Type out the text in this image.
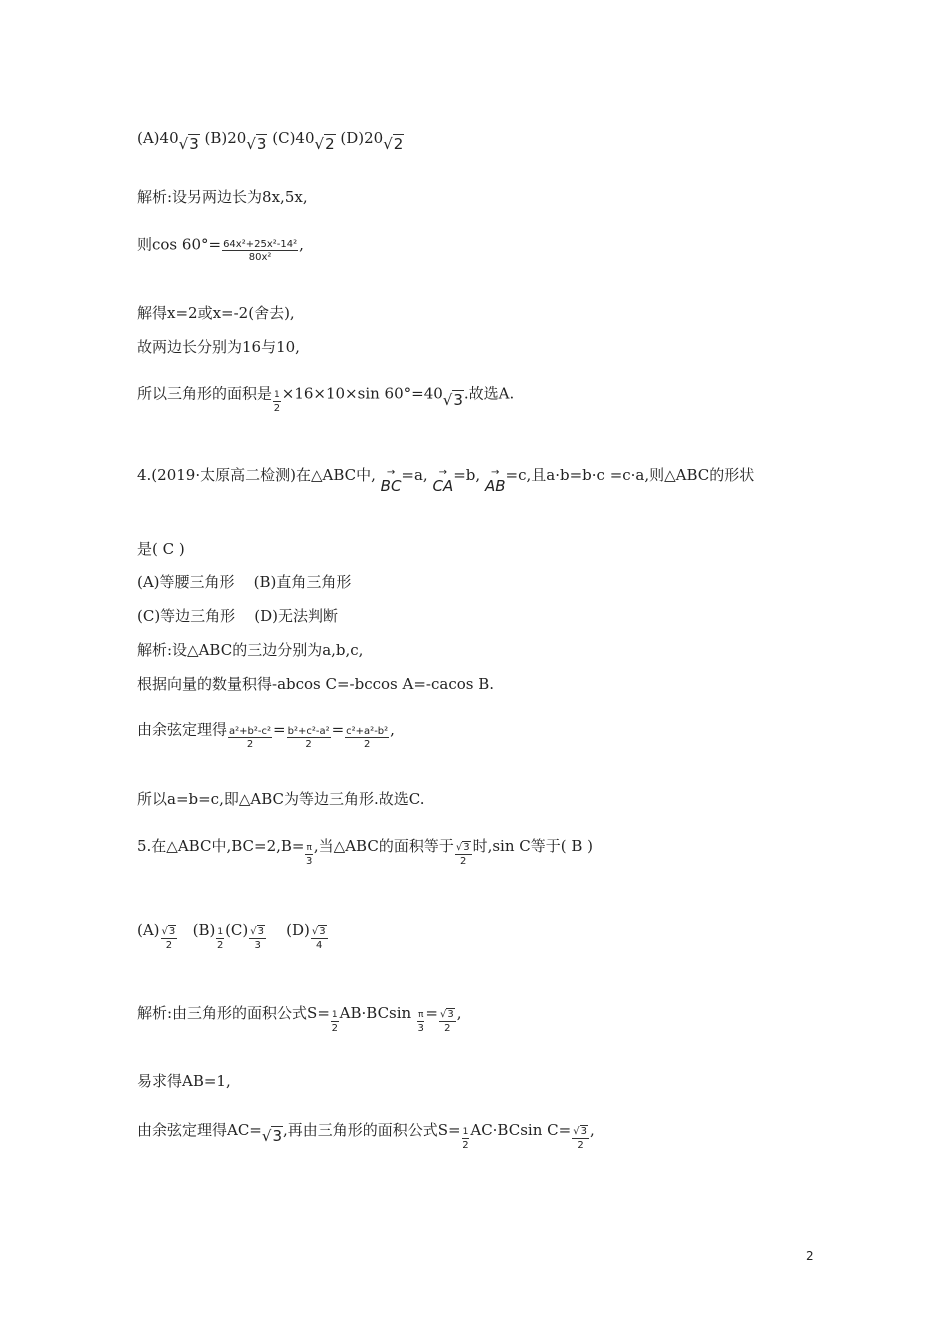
(A)40√3 (B)20√3 (C)40√2 (D)20√2
解析:设另两边长为8x,5x,
则$\cos 60^\circ= \frac{\text{64x²+25x²-14²}}{\text{80x²}}$ ,
解得x=2或x=-2(舍去),
故两边长分别为16与10,
所以三角形的面积是 $\frac{1}{2} \times 16\times 10\times\sin$ 60°=40√3.故选A.
4.(2019·太原高二检测)在△ABC中,	→
BC
=a,	→
CA
=b,	→
AB
=c,且a·b=b·c =c·a,则△ABC的形状
是( C )
(A)等腰三角形    (B)直角三角形
(C)等边三角形    (D)无法判断
解析:设△ABC的三边分别为a,b,c,
根据向量的数量积得-abcos C=-bccos A=-cacos B.
由余弦定理得 $\frac{\text{a²+b²-c²}}{2} = \frac{\text{b²+c²-a²}}{2} = \frac{\text{c²+a²-b²}}{2}$ ,
所以a=b=c,即△ABC为等边三角形.故选C.
5.在△ABC中$,BC=2,B= \frac{\pi}{3}$ ,当△ABC的面积等于 $\frac{√3}{2}$ 时,sin C等于( B )
$(A) \frac{√3}{2} (B) \frac{1}{2} (C) \frac{√3}{3} (D) \frac{√3}{4}$
解析:由三角形的面积公式$S= \frac{1}{2} AB\cdot BCsin \frac{\pi}{3} = \frac{√3}{2}$ ,
易求得AB=1,
由余弦定理得AC=√3,再由三角形的面积公式$S= \frac{1}{2} AC\cdot BCsin$ $C= \frac{√3}{2}$ ,
2
